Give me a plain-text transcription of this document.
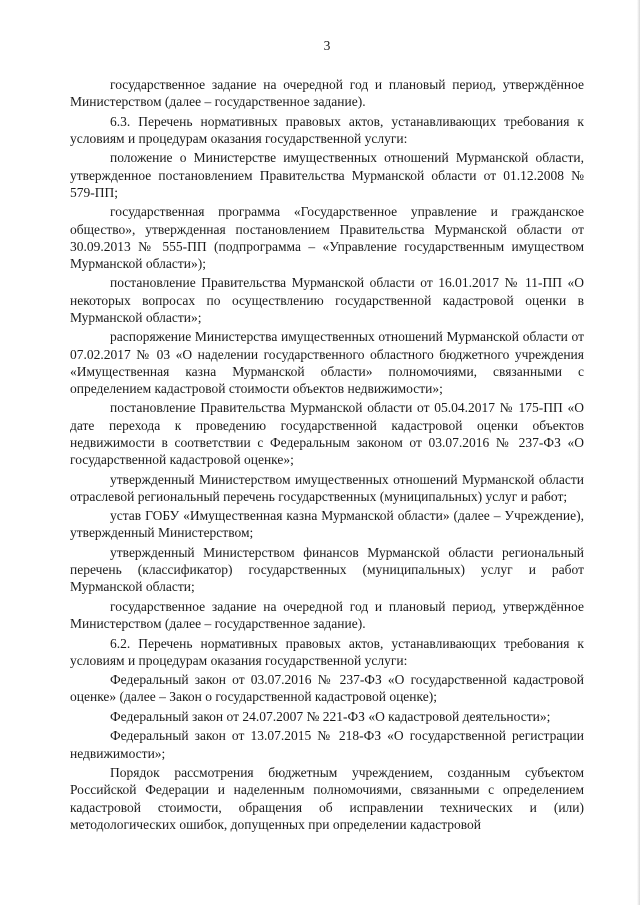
3

государственное задание на очередной год и плановый период, утверждённое Министерством (далее – государственное задание).

6.3. Перечень нормативных правовых актов, устанавливающих требования к условиям и процедурам оказания государственной услуги:

положение о Министерстве имущественных отношений Мурманской области, утвержденное постановлением Правительства Мурманской области от 01.12.2008 № 579-ПП;

государственная программа «Государственное управление и гражданское общество», утвержденная постановлением Правительства Мурманской области от 30.09.2013 № 555-ПП (подпрограмма – «Управление государственным имуществом Мурманской области»);

постановление Правительства Мурманской области от 16.01.2017 № 11-ПП «О некоторых вопросах по осуществлению государственной кадастровой оценки в Мурманской области»;

распоряжение Министерства имущественных отношений Мурманской области от 07.02.2017 № 03 «О наделении государственного областного бюджетного учреждения «Имущественная казна Мурманской области» полномочиями, связанными с определением кадастровой стоимости объектов недвижимости»;

постановление Правительства Мурманской области от 05.04.2017 № 175-ПП «О дате перехода к проведению государственной кадастровой оценки объектов недвижимости в соответствии с Федеральным законом от 03.07.2016 № 237-ФЗ «О государственной кадастровой оценке»;

утвержденный Министерством имущественных отношений Мурманской области отраслевой региональный перечень государственных (муниципальных) услуг и работ;

устав ГОБУ «Имущественная казна Мурманской области» (далее – Учреждение), утвержденный Министерством;

утвержденный Министерством финансов Мурманской области региональный перечень (классификатор) государственных (муниципальных) услуг и работ Мурманской области;

государственное задание на очередной год и плановый период, утверждённое Министерством (далее – государственное задание).

6.2. Перечень нормативных правовых актов, устанавливающих требования к условиям и процедурам оказания государственной услуги:

Федеральный закон от 03.07.2016 № 237-ФЗ «О государственной кадастровой оценке» (далее – Закон о государственной кадастровой оценке);

Федеральный закон от 24.07.2007 № 221-ФЗ «О кадастровой деятельности»;

Федеральный закон от 13.07.2015 № 218-ФЗ «О государственной регистрации недвижимости»;

Порядок рассмотрения бюджетным учреждением, созданным субъектом Российской Федерации и наделенным полномочиями, связанными с определением кадастровой стоимости, обращения об исправлении технических и (или) методологических ошибок, допущенных при определении кадастровой
